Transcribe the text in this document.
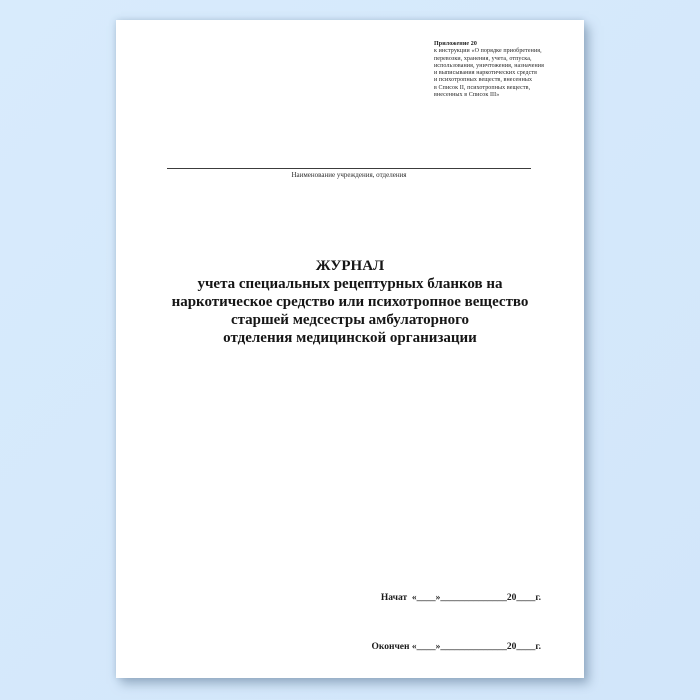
Приложение 20
к инструкции «О порядке приобретения,
перевозки, хранения, учета, отпуска,
использования, уничтожения, назначения
и выписывания наркотических средств
и психотропных веществ, внесенных
в Список II, психотропных веществ,
внесенных в Список III»
Наименование учреждения, отделения
ЖУРНАЛ
учета специальных рецептурных бланков на
наркотическое средство или психотропное вещество
старшей медсестры амбулаторного
отделения медицинской организации

Начат  «____»______________20____г.

Окончен «____»______________20____г.
